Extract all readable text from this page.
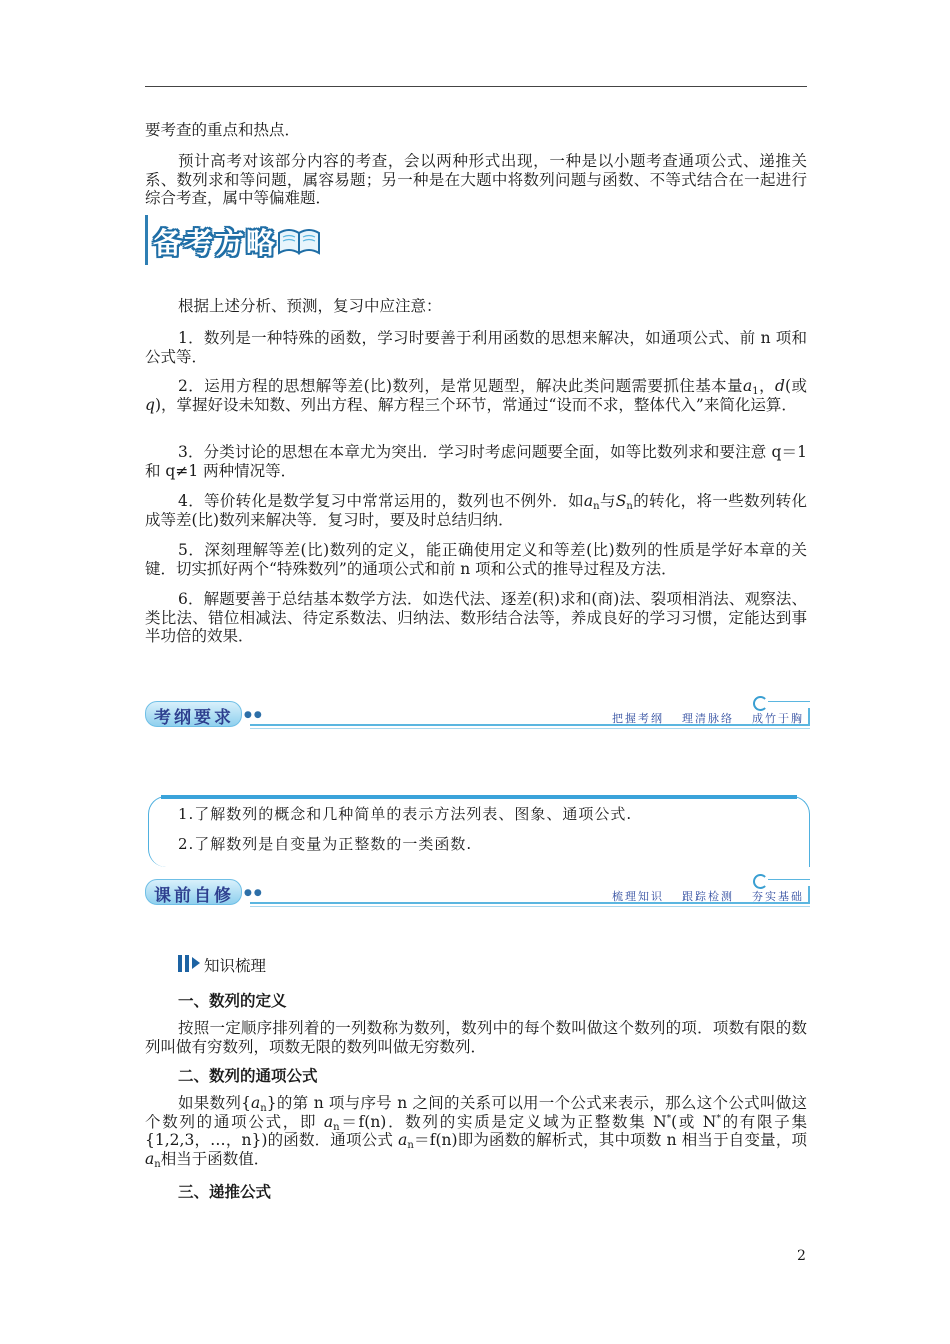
要考查的重点和热点．
预计高考对该部分内容的考查，会以两种形式出现，一种是以小题考查通项公式、递推关系、数列求和等问题，属容易题；另一种是在大题中将数列问题与函数、不等式结合在一起进行综合考查，属中等偏难题．
备考方略
根据上述分析、预测，复习中应注意：
1．数列是一种特殊的函数，学习时要善于利用函数的思想来解决，如通项公式、前 n 项和公式等．
2．运用方程的思想解等差(比)数列，是常见题型，解决此类问题需要抓住基本量$a_1$，d(或q)，掌握好设未知数、列出方程、解方程三个环节，常通过“设而不求，整体代入”来简化运算．
3．分类讨论的思想在本章尤为突出．学习时考虑问题要全面，如等比数列求和要注意 q＝1 和 q≠1 两种情况等．
4．等价转化是数学复习中常常运用的，数列也不例外．如$a_n$与$S_n$的转化，将一些数列转化成等差(比)数列来解决等．复习时，要及时总结归纳．
5．深刻理解等差(比)数列的定义，能正确使用定义和等差(比)数列的性质是学好本章的关键．切实抓好两个“特殊数列”的通项公式和前 n 项和公式的推导过程及方法．
6．解题要善于总结基本数学方法．如迭代法、逐差(积)求和(商)法、裂项相消法、观察法、类比法、错位相减法、待定系数法、归纳法、数形结合法等，养成良好的学习习惯，定能达到事半功倍的效果．
考纲要求 ●●	把握考纲 理清脉络 成竹于胸
1.了解数列的概念和几种简单的表示方法列表、图象、通项公式.
2.了解数列是自变量为正整数的一类函数.
课前自修 ●●	梳理知识 跟踪检测 夯实基础
知识梳理
一、数列的定义
按照一定顺序排列着的一列数称为数列，数列中的每个数叫做这个数列的项．项数有限的数列叫做有穷数列，项数无限的数列叫做无穷数列．
二、数列的通项公式
如果数列$\{a_n\}$的第 n 项与序号 n 之间的关系可以用一个公式来表示，那么这个公式叫做这个数列的通项公式，即 $a_n=f(n)$．数列的实质是定义域为正整数集 N*(或 N*的有限子集{1,2,3，…，n})的函数．通项公式 $a_n=f(n)$即为函数的解析式，其中项数 n 相当于自变量，项 $a_n$相当于函数值．
三、递推公式
2
